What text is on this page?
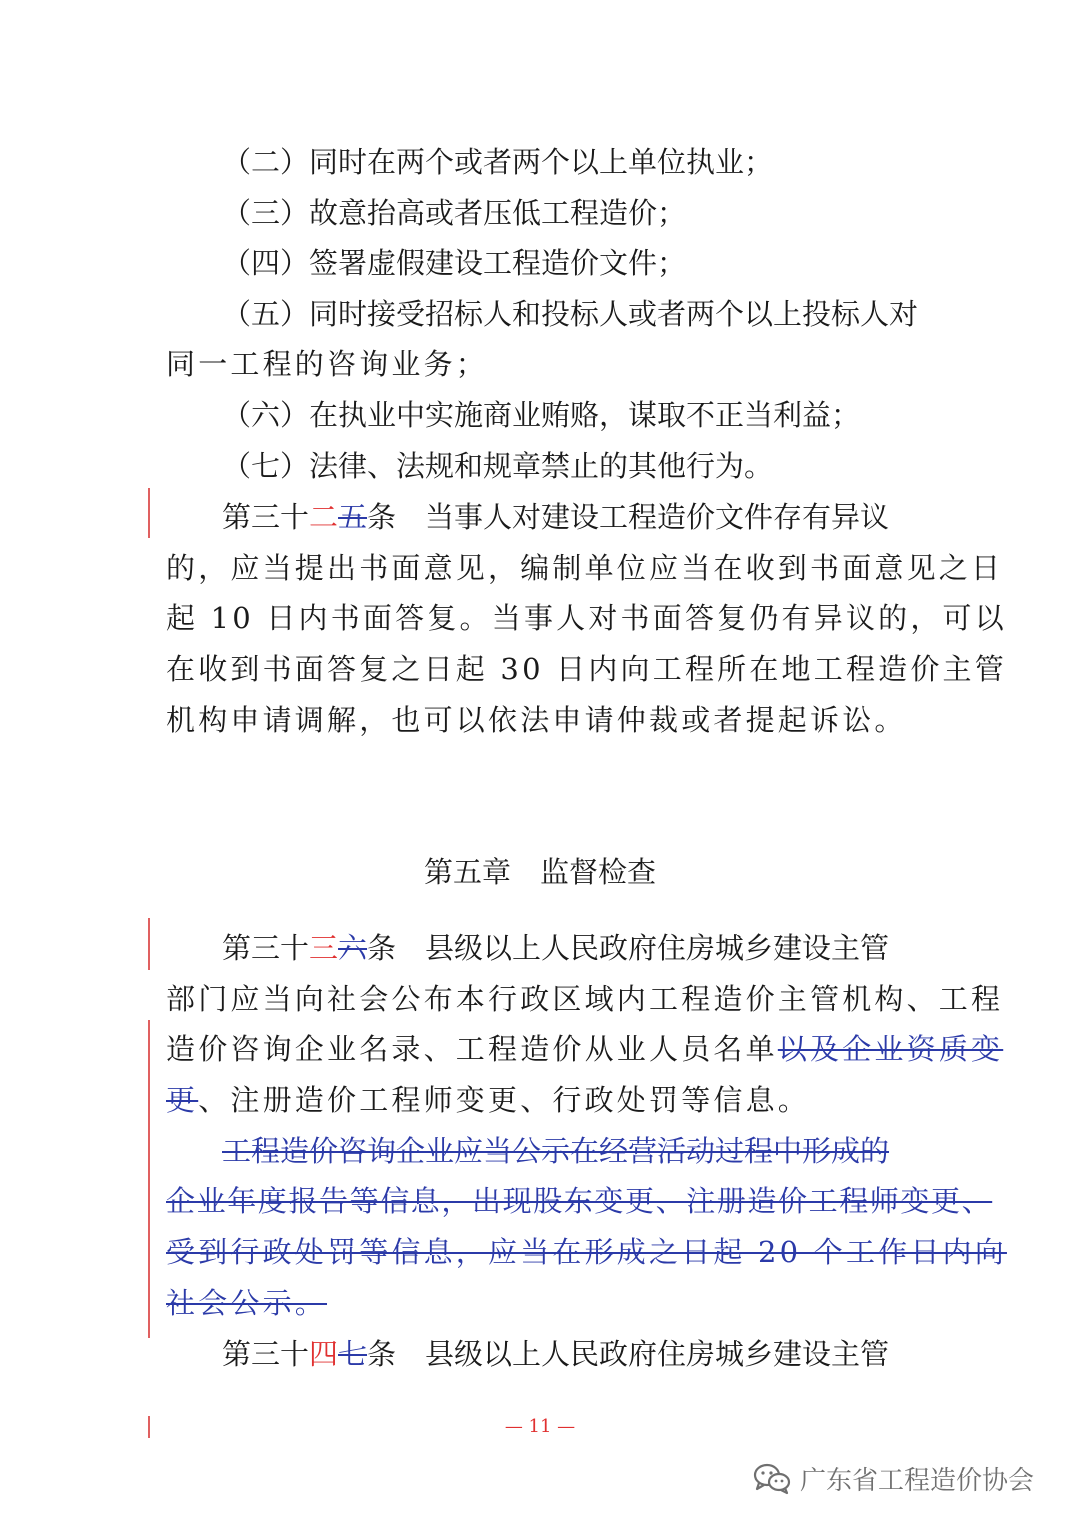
（二）同时在两个或者两个以上单位执业；
（三）故意抬高或者压低工程造价；
（四）签署虚假建设工程造价文件；
（五）同时接受招标人和投标人或者两个以上投标人对
同一工程的咨询业务；
（六）在执业中实施商业贿赂，谋取不正当利益；
（七）法律、法规和规章禁止的其他行为。
第三十二五条　当事人对建设工程造价文件存有异议
的，应当提出书面意见，编制单位应当在收到书面意见之日
起 10 日内书面答复。当事人对书面答复仍有异议的，可以
在收到书面答复之日起 30 日内向工程所在地工程造价主管
机构申请调解，也可以依法申请仲裁或者提起诉讼。
第五章　监督检查
第三十三六条　县级以上人民政府住房城乡建设主管
部门应当向社会公布本行政区域内工程造价主管机构、工程
造价咨询企业名录、工程造价从业人员名单以及企业资质变
更、注册造价工程师变更、行政处罚等信息。
工程造价咨询企业应当公示在经营活动过程中形成的
企业年度报告等信息，出现股东变更、注册造价工程师变更、
受到行政处罚等信息，应当在形成之日起 20 个工作日内向
社会公示。
第三十四七条　县级以上人民政府住房城乡建设主管
— 11 —
广东省工程造价协会
